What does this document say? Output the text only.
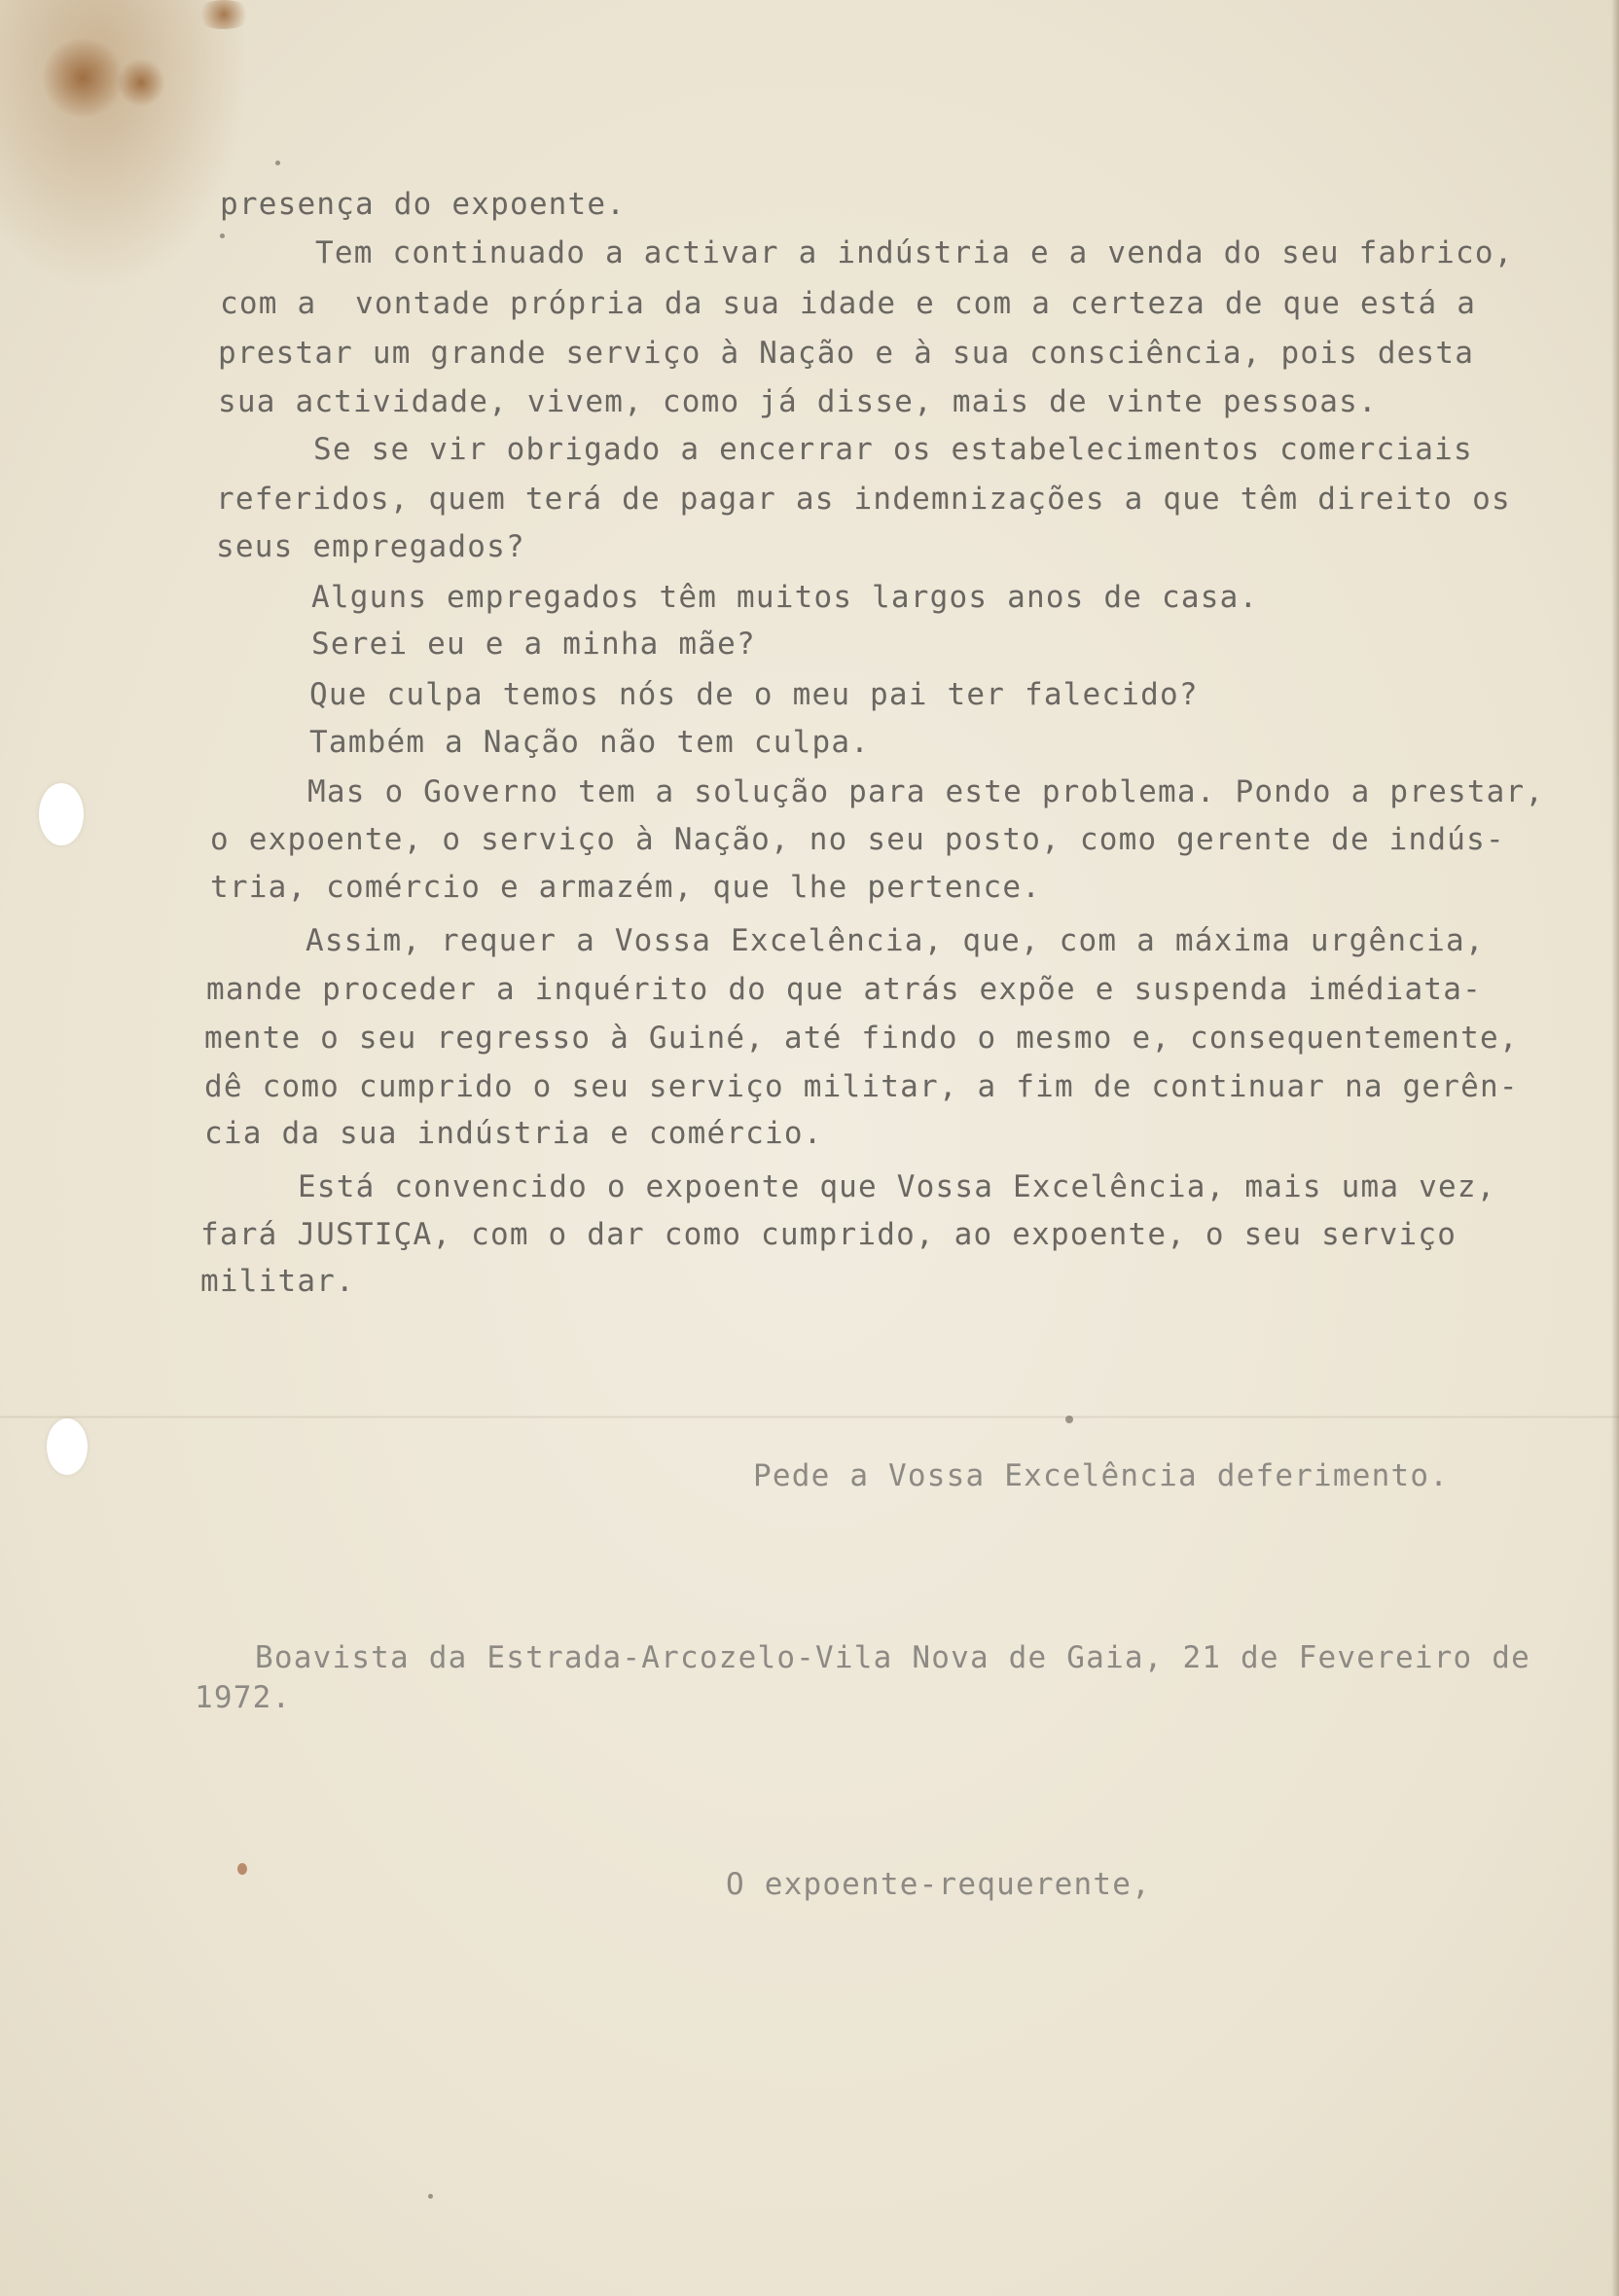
presença do expoente.
Tem continuado a activar a indústria e a venda do seu fabrico,
com a  vontade própria da sua idade e com a certeza de que está a
prestar um grande serviço à Nação e à sua consciência, pois desta
sua actividade, vivem, como já disse, mais de vinte pessoas.
Se se vir obrigado a encerrar os estabelecimentos comerciais
referidos, quem terá de pagar as indemnizações a que têm direito os
seus empregados?
Alguns empregados têm muitos largos anos de casa.
Serei eu e a minha mãe?
Que culpa temos nós de o meu pai ter falecido?
Também a Nação não tem culpa.
Mas o Governo tem a solução para este problema. Pondo a prestar,
o expoente, o serviço à Nação, no seu posto, como gerente de indús-
tria, comércio e armazém, que lhe pertence.
Assim, requer a Vossa Excelência, que, com a máxima urgência,
mande proceder a inquérito do que atrás expõe e suspenda imédiata-
mente o seu regresso à Guiné, até findo o mesmo e, consequentemente,
dê como cumprido o seu serviço militar, a fim de continuar na gerên-
cia da sua indústria e comércio.
Está convencido o expoente que Vossa Excelência, mais uma vez,
fará JUSTIÇA, com o dar como cumprido, ao expoente, o seu serviço
militar.
Pede a Vossa Excelência deferimento.
Boavista da Estrada-Arcozelo-Vila Nova de Gaia, 21 de Fevereiro de
1972.
O expoente-requerente,
